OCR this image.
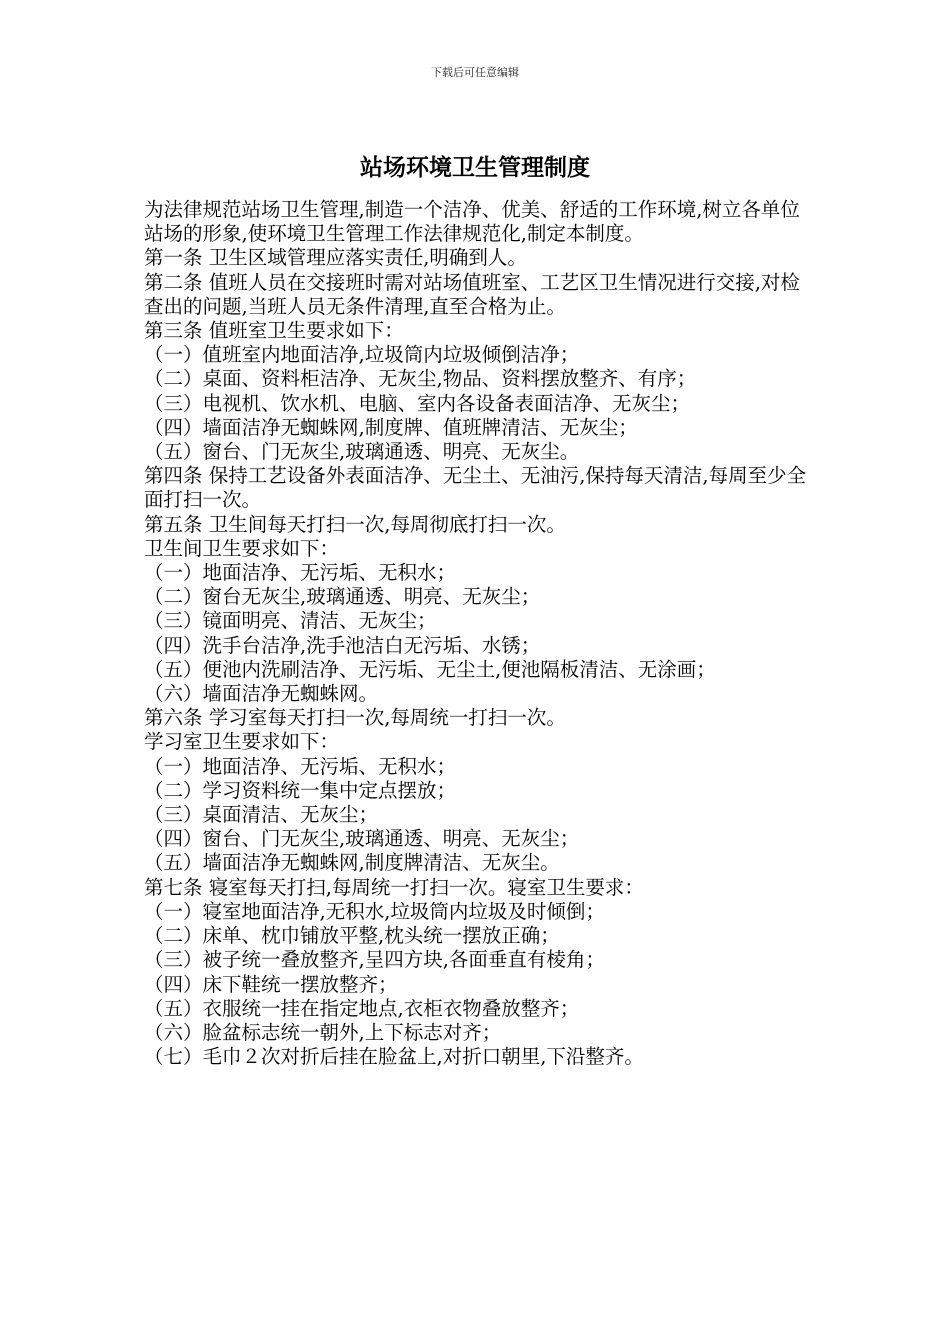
下载后可任意编辑
站场环境卫生管理制度

为法律规范站场卫生管理,制造一个洁净、优美、舒适的工作环境,树立各单位站场的形象,使环境卫生管理工作法律规范化,制定本制度。

第一条 卫生区域管理应落实责任,明确到人。

第二条 值班人员在交接班时需对站场值班室、工艺区卫生情况进行交接,对检查出的问题,当班人员无条件清理,直至合格为止。

第三条 值班室卫生要求如下：

（一）值班室内地面洁净,垃圾筒内垃圾倾倒洁净；

（二）桌面、资料柜洁净、无灰尘,物品、资料摆放整齐、有序；

（三）电视机、饮水机、电脑、室内各设备表面洁净、无灰尘；

（四）墙面洁净无蜘蛛网,制度牌、值班牌清洁、无灰尘；

（五）窗台、门无灰尘,玻璃通透、明亮、无灰尘。

第四条 保持工艺设备外表面洁净、无尘土、无油污,保持每天清洁,每周至少全面打扫一次。

第五条 卫生间每天打扫一次,每周彻底打扫一次。

卫生间卫生要求如下：

（一）地面洁净、无污垢、无积水；

（二）窗台无灰尘,玻璃通透、明亮、无灰尘；

（三）镜面明亮、清洁、无灰尘；

（四）洗手台洁净,洗手池洁白无污垢、水锈；

（五）便池内洗刷洁净、无污垢、无尘土,便池隔板清洁、无涂画；

（六）墙面洁净无蜘蛛网。

第六条 学习室每天打扫一次,每周统一打扫一次。

学习室卫生要求如下：

（一）地面洁净、无污垢、无积水；

（二）学习资料统一集中定点摆放；

（三）桌面清洁、无灰尘；

（四）窗台、门无灰尘,玻璃通透、明亮、无灰尘；

（五）墙面洁净无蜘蛛网,制度牌清洁、无灰尘。

第七条 寝室每天打扫,每周统一打扫一次。寝室卫生要求：

（一）寝室地面洁净,无积水,垃圾筒内垃圾及时倾倒；

（二）床单、枕巾铺放平整,枕头统一摆放正确；

（三）被子统一叠放整齐,呈四方块,各面垂直有棱角；

（四）床下鞋统一摆放整齐；

（五）衣服统一挂在指定地点,衣柜衣物叠放整齐；

（六）脸盆标志统一朝外,上下标志对齐；

（七）毛巾２次对折后挂在脸盆上,对折口朝里,下沿整齐。
